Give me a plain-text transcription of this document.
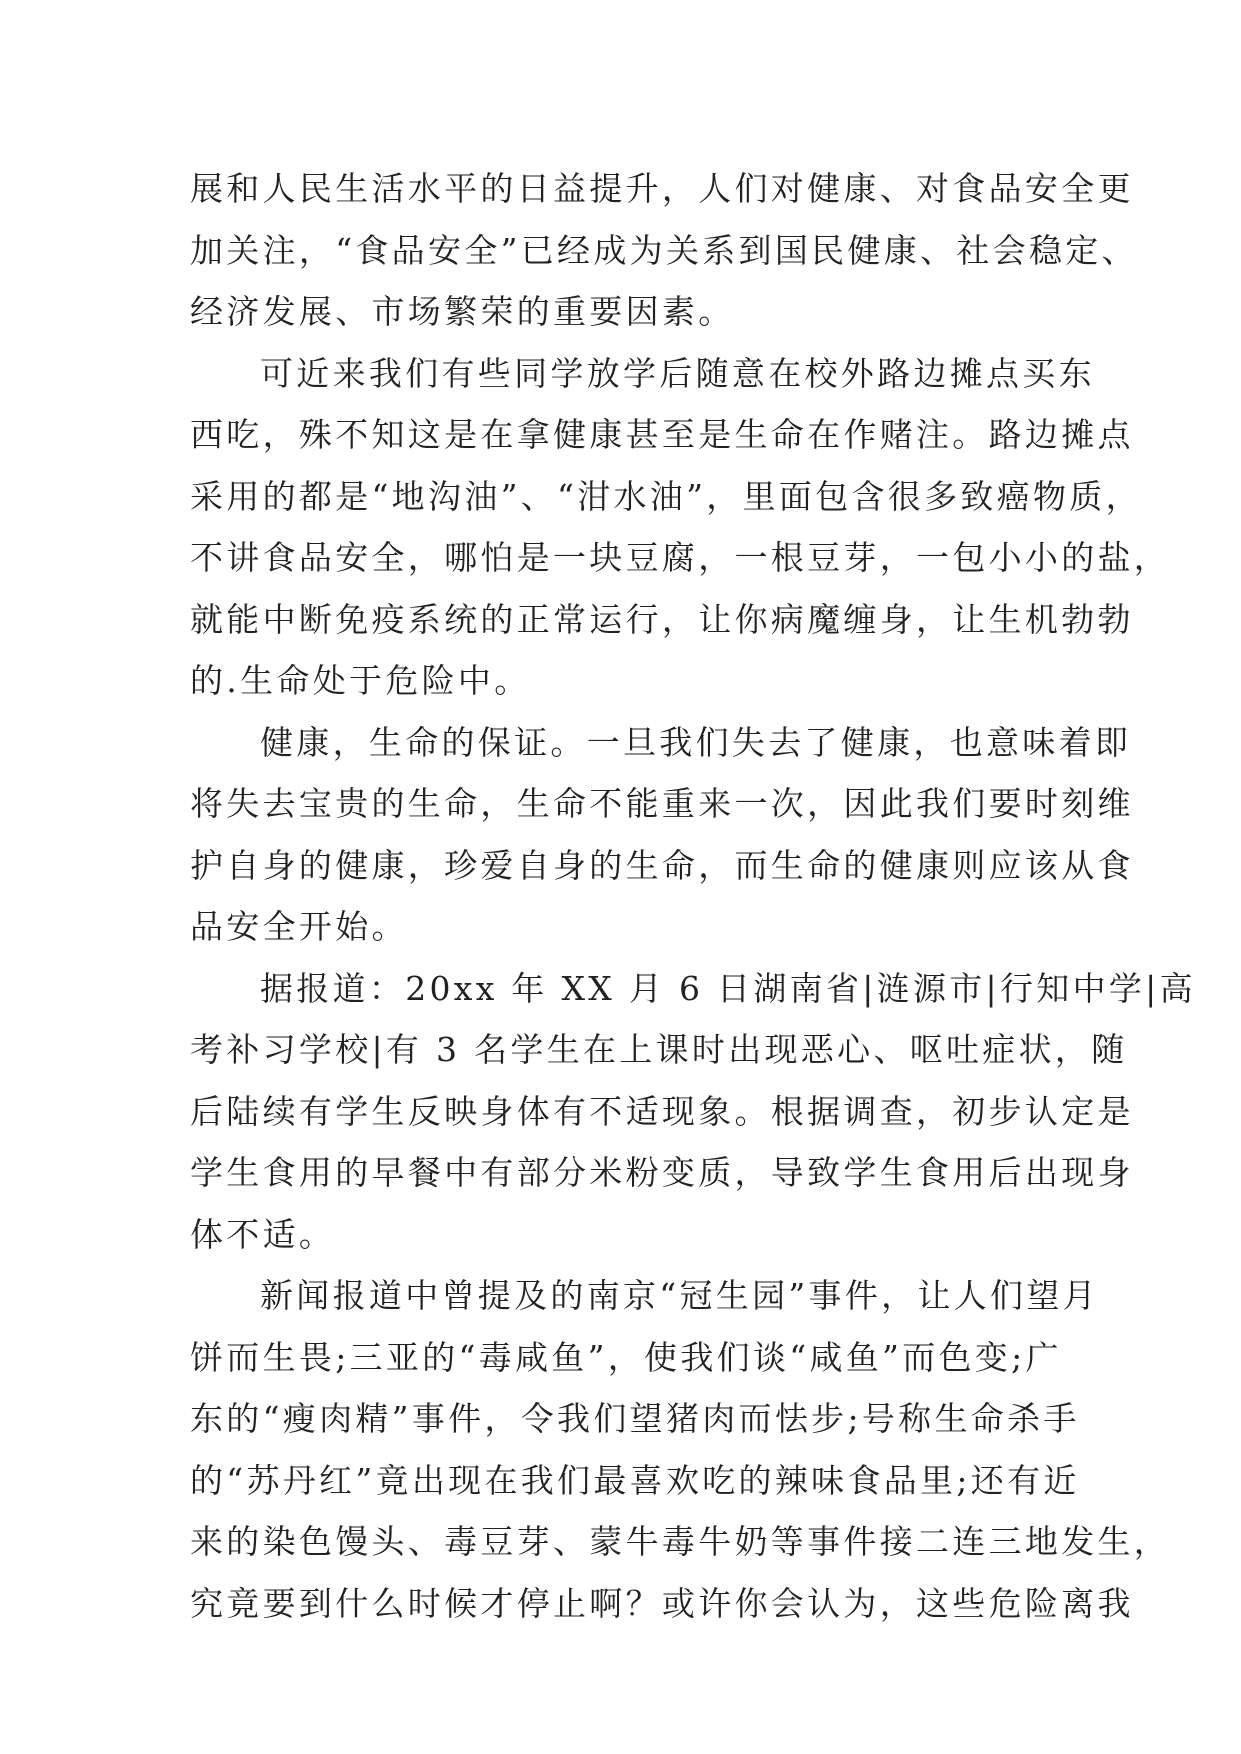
展和人民生活水平的日益提升，人们对健康、对食品安全更
加关注，“食品安全”已经成为关系到国民健康、社会稳定、
经济发展、市场繁荣的重要因素。
可近来我们有些同学放学后随意在校外路边摊点买东
西吃，殊不知这是在拿健康甚至是生命在作赌注。路边摊点
采用的都是“地沟油”、“泔水油”，里面包含很多致癌物质，
不讲食品安全，哪怕是一块豆腐，一根豆芽，一包小小的盐，
就能中断免疫系统的正常运行，让你病魔缠身，让生机勃勃
的.生命处于危险中。
健康，生命的保证。一旦我们失去了健康，也意味着即
将失去宝贵的生命，生命不能重来一次，因此我们要时刻维
护自身的健康，珍爱自身的生命，而生命的健康则应该从食
品安全开始。
据报道：20xx 年 XX 月 6 日湖南省|涟源市|行知中学|高
考补习学校|有 3 名学生在上课时出现恶心、呕吐症状，随
后陆续有学生反映身体有不适现象。根据调查，初步认定是
学生食用的早餐中有部分米粉变质，导致学生食用后出现身
体不适。
新闻报道中曾提及的南京“冠生园”事件，让人们望月
饼而生畏;三亚的“毒咸鱼”，使我们谈“咸鱼”而色变;广
东的“瘦肉精”事件，令我们望猪肉而怯步;号称生命杀手
的“苏丹红”竟出现在我们最喜欢吃的辣味食品里;还有近
来的染色馒头、毒豆芽、蒙牛毒牛奶等事件接二连三地发生，
究竟要到什么时候才停止啊？或许你会认为，这些危险离我
